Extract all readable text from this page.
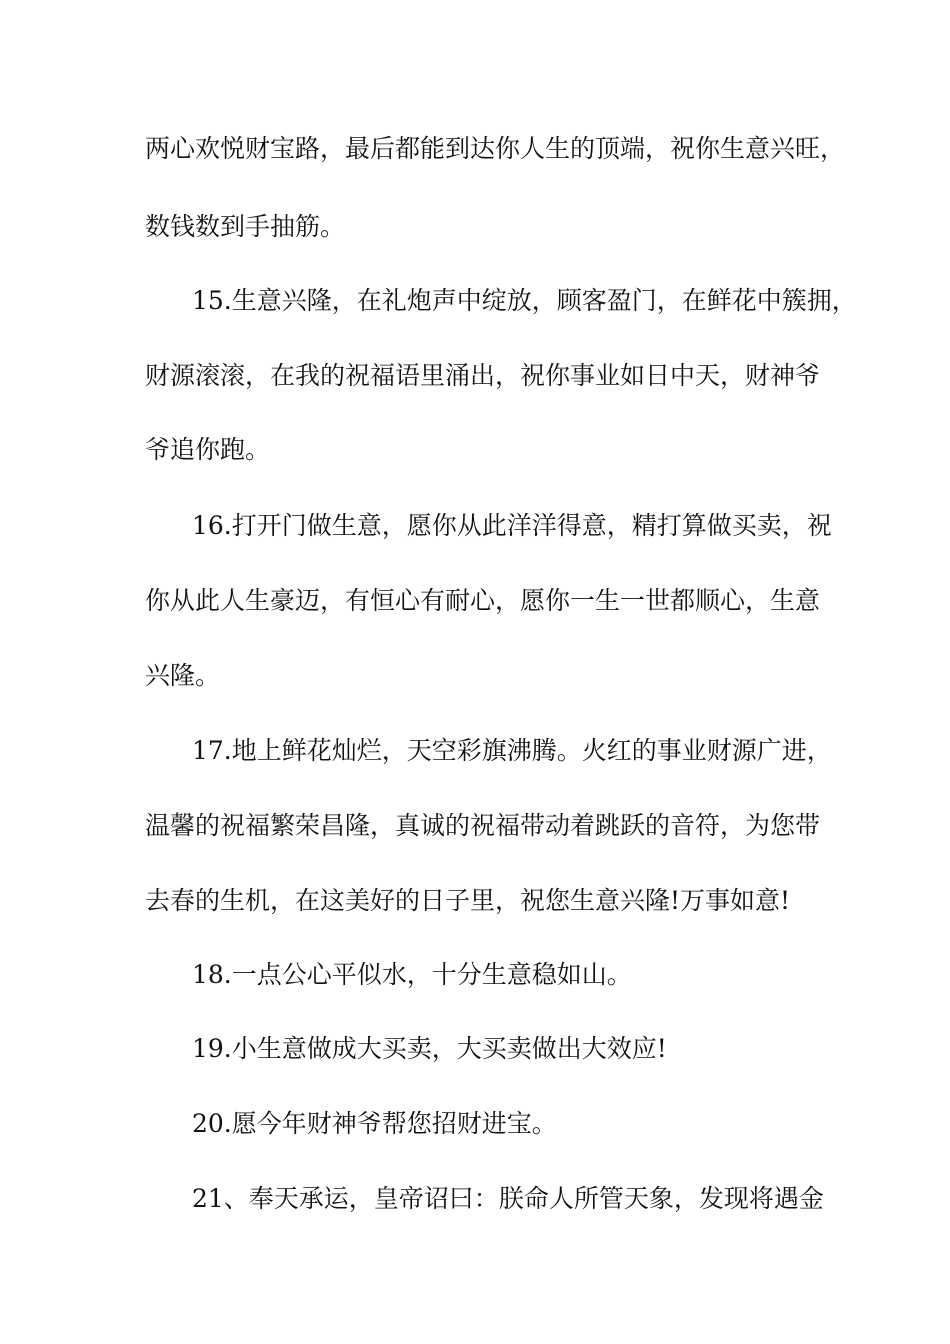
两心欢悦财宝路，最后都能到达你人生的顶端，祝你生意兴旺，

数钱数到手抽筋。

15.生意兴隆，在礼炮声中绽放，顾客盈门，在鲜花中簇拥，

财源滚滚，在我的祝福语里涌出，祝你事业如日中天，财神爷

爷追你跑。

16.打开门做生意，愿你从此洋洋得意，精打算做买卖，祝

你从此人生豪迈，有恒心有耐心，愿你一生一世都顺心，生意

兴隆。

17.地上鲜花灿烂，天空彩旗沸腾。火红的事业财源广进，

温馨的祝福繁荣昌隆，真诚的祝福带动着跳跃的音符，为您带

去春的生机，在这美好的日子里，祝您生意兴隆!万事如意!

18.一点公心平似水，十分生意稳如山。

19.小生意做成大买卖，大买卖做出大效应!

20.愿今年财神爷帮您招财进宝。

21、奉天承运，皇帝诏曰：朕命人所管天象，发现将遇金
